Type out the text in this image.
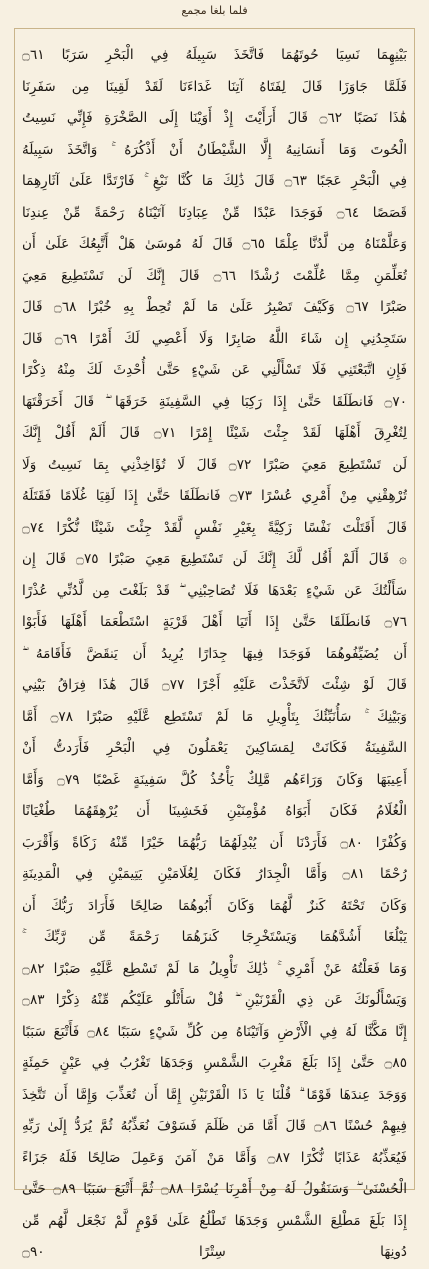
فلما بلغا مجمع
بَيْنِهِمَا نَسِيَا حُوتَهُمَا فَاتَّخَذَ سَبِيلَهُ فِي الْبَحْرِ سَرَبًا ۝٦١
فَلَمَّا جَاوَزَا قَالَ لِفَتَاهُ آتِنَا غَدَاءَنَا لَقَدْ لَقِينَا مِن سَفَرِنَا
هَٰذَا نَصَبًا ۝٦٢ قَالَ أَرَأَيْتَ إِذْ أَوَيْنَا إِلَى الصَّخْرَةِ فَإِنِّي نَسِيتُ
الْحُوتَ وَمَا أَنسَانِيهُ إِلَّا الشَّيْطَانُ أَنْ أَذْكُرَهُ ۚ وَاتَّخَذَ سَبِيلَهُ
فِي الْبَحْرِ عَجَبًا ۝٦٣ قَالَ ذَٰلِكَ مَا كُنَّا نَبْغِ ۚ فَارْتَدَّا عَلَىٰ آثَارِهِمَا
قَصَصًا ۝٦٤ فَوَجَدَا عَبْدًا مِّنْ عِبَادِنَا آتَيْنَاهُ رَحْمَةً مِّنْ عِندِنَا
وَعَلَّمْنَاهُ مِن لَّدُنَّا عِلْمًا ۝٦٥ قَالَ لَهُ مُوسَىٰ هَلْ أَتَّبِعُكَ عَلَىٰ أَن
تُعَلِّمَنِ مِمَّا عُلِّمْتَ رُشْدًا ۝٦٦ قَالَ إِنَّكَ لَن تَسْتَطِيعَ مَعِيَ
صَبْرًا ۝٦٧ وَكَيْفَ تَصْبِرُ عَلَىٰ مَا لَمْ تُحِطْ بِهِ خُبْرًا ۝٦٨ قَالَ
سَتَجِدُنِي إِن شَاءَ اللَّهُ صَابِرًا وَلَا أَعْصِي لَكَ أَمْرًا ۝٦٩ قَالَ
فَإِنِ اتَّبَعْتَنِي فَلَا تَسْأَلْنِي عَن شَيْءٍ حَتَّىٰ أُحْدِثَ لَكَ مِنْهُ ذِكْرًا
۝٧٠ فَانطَلَقَا حَتَّىٰ إِذَا رَكِبَا فِي السَّفِينَةِ خَرَقَهَا ۖ قَالَ أَخَرَقْتَهَا
لِتُغْرِقَ أَهْلَهَا لَقَدْ جِئْتَ شَيْئًا إِمْرًا ۝٧١ قَالَ أَلَمْ أَقُلْ إِنَّكَ
لَن تَسْتَطِيعَ مَعِيَ صَبْرًا ۝٧٢ قَالَ لَا تُؤَاخِذْنِي بِمَا نَسِيتُ وَلَا
تُرْهِقْنِي مِنْ أَمْرِي عُسْرًا ۝٧٣ فَانطَلَقَا حَتَّىٰ إِذَا لَقِيَا غُلَامًا فَقَتَلَهُ
قَالَ أَقَتَلْتَ نَفْسًا زَكِيَّةً بِغَيْرِ نَفْسٍ لَّقَدْ جِئْتَ شَيْئًا نُّكْرًا ۝٧٤
۞ قَالَ أَلَمْ أَقُل لَّكَ إِنَّكَ لَن تَسْتَطِيعَ مَعِيَ صَبْرًا ۝٧٥ قَالَ إِن
سَأَلْتُكَ عَن شَيْءٍ بَعْدَهَا فَلَا تُصَاحِبْنِي ۖ قَدْ بَلَغْتَ مِن لَّدُنِّي عُذْرًا
۝٧٦ فَانطَلَقَا حَتَّىٰ إِذَا أَتَيَا أَهْلَ قَرْيَةٍ اسْتَطْعَمَا أَهْلَهَا فَأَبَوْا
أَن يُضَيِّفُوهُمَا فَوَجَدَا فِيهَا جِدَارًا يُرِيدُ أَن يَنقَضَّ فَأَقَامَهُ ۖ
قَالَ لَوْ شِئْتَ لَاتَّخَذْتَ عَلَيْهِ أَجْرًا ۝٧٧ قَالَ هَٰذَا فِرَاقُ بَيْنِي
وَبَيْنِكَ ۚ سَأُنَبِّئُكَ بِتَأْوِيلِ مَا لَمْ تَسْتَطِع عَّلَيْهِ صَبْرًا ۝٧٨ أَمَّا
السَّفِينَةُ فَكَانَتْ لِمَسَاكِينَ يَعْمَلُونَ فِي الْبَحْرِ فَأَرَدتُّ أَنْ
أَعِيبَهَا وَكَانَ وَرَاءَهُم مَّلِكٌ يَأْخُذُ كُلَّ سَفِينَةٍ غَصْبًا ۝٧٩ وَأَمَّا
الْغُلَامُ فَكَانَ أَبَوَاهُ مُؤْمِنَيْنِ فَخَشِينَا أَن يُرْهِقَهُمَا طُغْيَانًا
وَكُفْرًا ۝٨٠ فَأَرَدْنَا أَن يُبْدِلَهُمَا رَبُّهُمَا خَيْرًا مِّنْهُ زَكَاةً وَأَقْرَبَ
رُحْمًا ۝٨١ وَأَمَّا الْجِدَارُ فَكَانَ لِغُلَامَيْنِ يَتِيمَيْنِ فِي الْمَدِينَةِ
وَكَانَ تَحْتَهُ كَنزٌ لَّهُمَا وَكَانَ أَبُوهُمَا صَالِحًا فَأَرَادَ رَبُّكَ أَن
يَبْلُغَا أَشُدَّهُمَا وَيَسْتَخْرِجَا كَنزَهُمَا رَحْمَةً مِّن رَّبِّكَ ۚ
وَمَا فَعَلْتُهُ عَنْ أَمْرِي ۚ ذَٰلِكَ تَأْوِيلُ مَا لَمْ تَسْطِع عَّلَيْهِ صَبْرًا ۝٨٢
وَيَسْأَلُونَكَ عَن ذِي الْقَرْنَيْنِ ۖ قُلْ سَأَتْلُو عَلَيْكُم مِّنْهُ ذِكْرًا ۝٨٣
إِنَّا مَكَّنَّا لَهُ فِي الْأَرْضِ وَآتَيْنَاهُ مِن كُلِّ شَيْءٍ سَبَبًا ۝٨٤ فَأَتْبَعَ سَبَبًا
۝٨٥ حَتَّىٰ إِذَا بَلَغَ مَغْرِبَ الشَّمْسِ وَجَدَهَا تَغْرُبُ فِي عَيْنٍ حَمِئَةٍ
وَوَجَدَ عِندَهَا قَوْمًا ۗ قُلْنَا يَا ذَا الْقَرْنَيْنِ إِمَّا أَن تُعَذِّبَ وَإِمَّا أَن تَتَّخِذَ
فِيهِمْ حُسْنًا ۝٨٦ قَالَ أَمَّا مَن ظَلَمَ فَسَوْفَ نُعَذِّبُهُ ثُمَّ يُرَدُّ إِلَىٰ رَبِّهِ
فَيُعَذِّبُهُ عَذَابًا نُّكْرًا ۝٨٧ وَأَمَّا مَنْ آمَنَ وَعَمِلَ صَالِحًا فَلَهُ جَزَاءً
الْحُسْنَىٰ ۖ وَسَنَقُولُ لَهُ مِنْ أَمْرِنَا يُسْرًا ۝٨٨ ثُمَّ أَتْبَعَ سَبَبًا ۝٨٩ حَتَّىٰ
إِذَا بَلَغَ مَطْلِعَ الشَّمْسِ وَجَدَهَا تَطْلُعُ عَلَىٰ قَوْمٍ لَّمْ نَجْعَل لَّهُم مِّن
دُونِهَا سِتْرًا ۝٩٠
